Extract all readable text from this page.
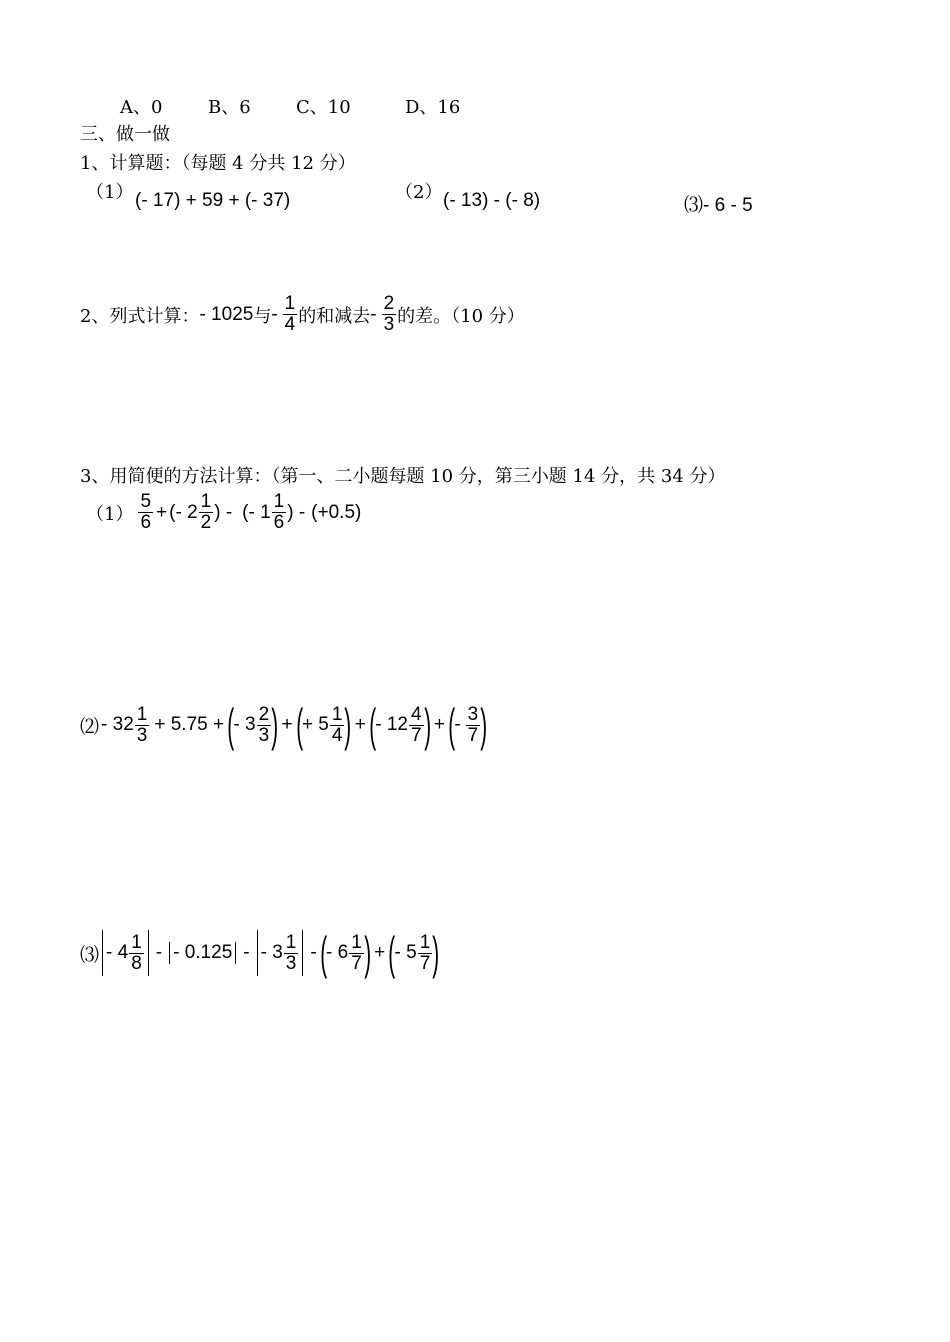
A、0	B、6	C、10	D、16
三、做一做
1、计算题：（每题 4 分共 12 分）
（1） (- 17) + 59 + (- 37)	（2） (- 13) - (- 8)	⑶- 6 - 5
2、列式计算： - 1025 与 - $\frac{1}{4}$ 的和减去 - $\frac{2}{3}$ 的差。（10 分）
3、用简便的方法计算：（第一、二小题每题 10 分，第三小题 14 分，共 34 分）
$(1) \frac{5}{6}$ + (- $2 \frac{1}{2}$ ) - (- $1 \frac{1}{6}$ ) - (+0.5)
⑵ - $32 \frac{1}{3} + 5.75$ + ( - $3 \frac{2}{3}$ ) + ( + $5 \frac{1}{4}$ ) + ( - $12 \frac{4}{7}$ ) + ( - $\frac{3}{7}$ )
⑶ - $4 \frac{1}{8}$ - - 0.125 - - $3 \frac{1}{3}$ - ( - $6 \frac{1}{7}$ ) + ( - $5 \frac{1}{7}$ )
